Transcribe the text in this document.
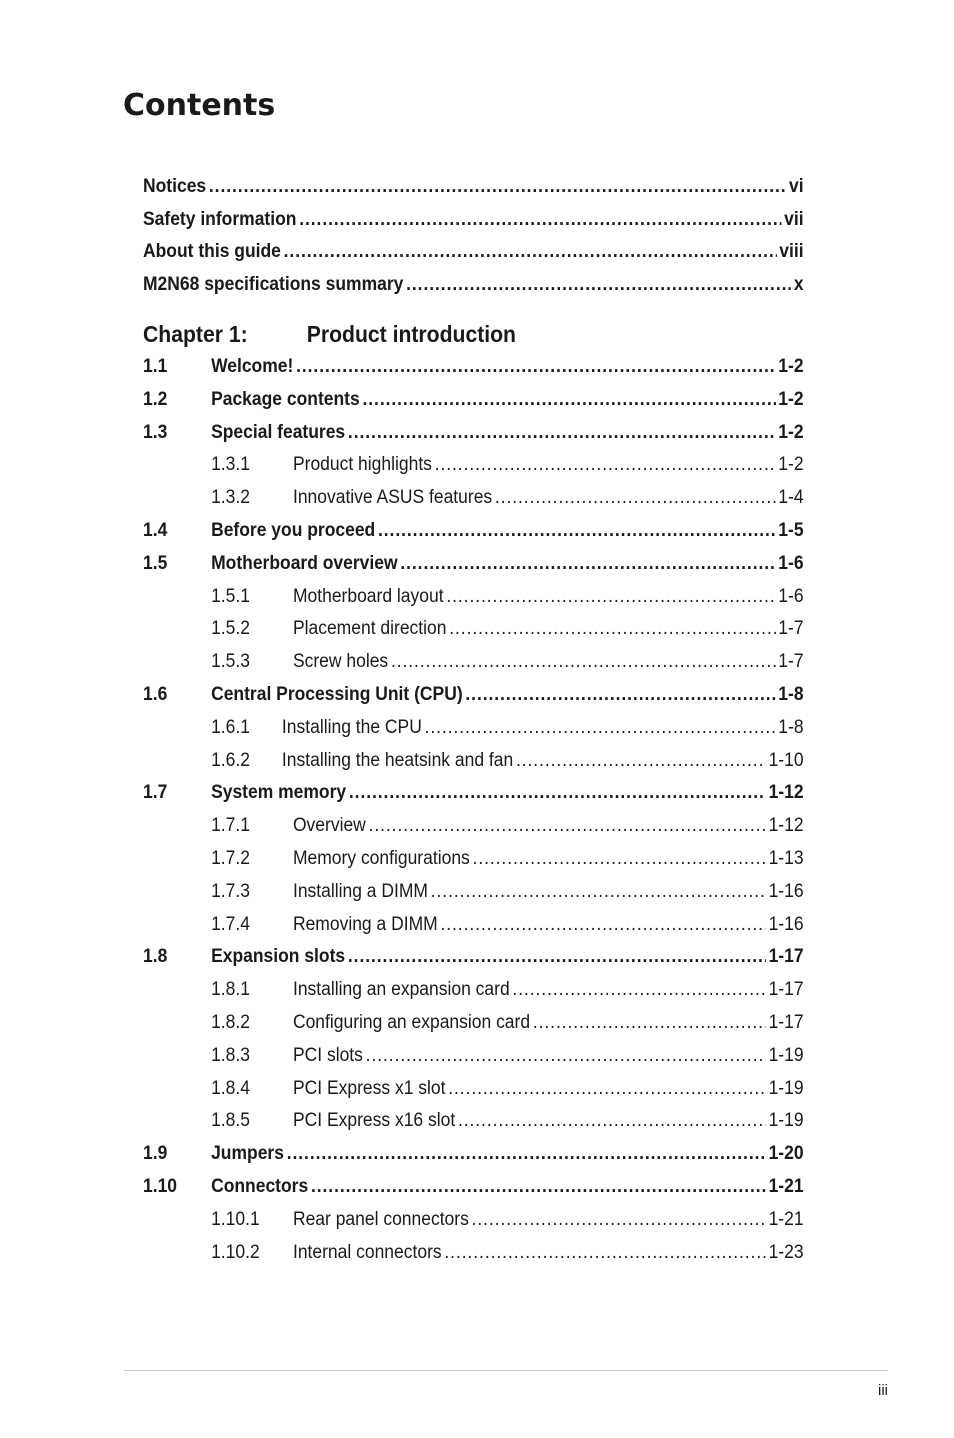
Contents
Notices .....	vi
Safety information .....	vii
About this guide .....	viii
M2N68 specifications summary .....	x
Chapter 1:	Product introduction
1.1	Welcome! .....	1-2
1.2	Package contents .....	1-2
1.3	Special features .....	1-2
1.3.1	Product highlights .....	1-2
1.3.2	Innovative ASUS features .....	1-4
1.4	Before you proceed .....	1-5
1.5	Motherboard overview .....	1-6
1.5.1	Motherboard layout .....	1-6
1.5.2	Placement direction .....	1-7
1.5.3	Screw holes .....	1-7
1.6	Central Processing Unit (CPU) .....	1-8
1.6.1	Installing the CPU .....	1-8
1.6.2	Installing the heatsink and fan .....	1-10
1.7	System memory .....	1-12
1.7.1	Overview .....	1-12
1.7.2	Memory configurations .....	1-13
1.7.3	Installing a DIMM .....	1-16
1.7.4	Removing a DIMM .....	1-16
1.8	Expansion slots .....	1-17
1.8.1	Installing an expansion card .....	1-17
1.8.2	Configuring an expansion card .....	1-17
1.8.3	PCI slots .....	1-19
1.8.4	PCI Express x1 slot .....	1-19
1.8.5	PCI Express x16 slot .....	1-19
1.9	Jumpers .....	1-20
1.10	Connectors .....	1-21
1.10.1	Rear panel connectors .....	1-21
1.10.2	Internal connectors .....	1-23
iii
